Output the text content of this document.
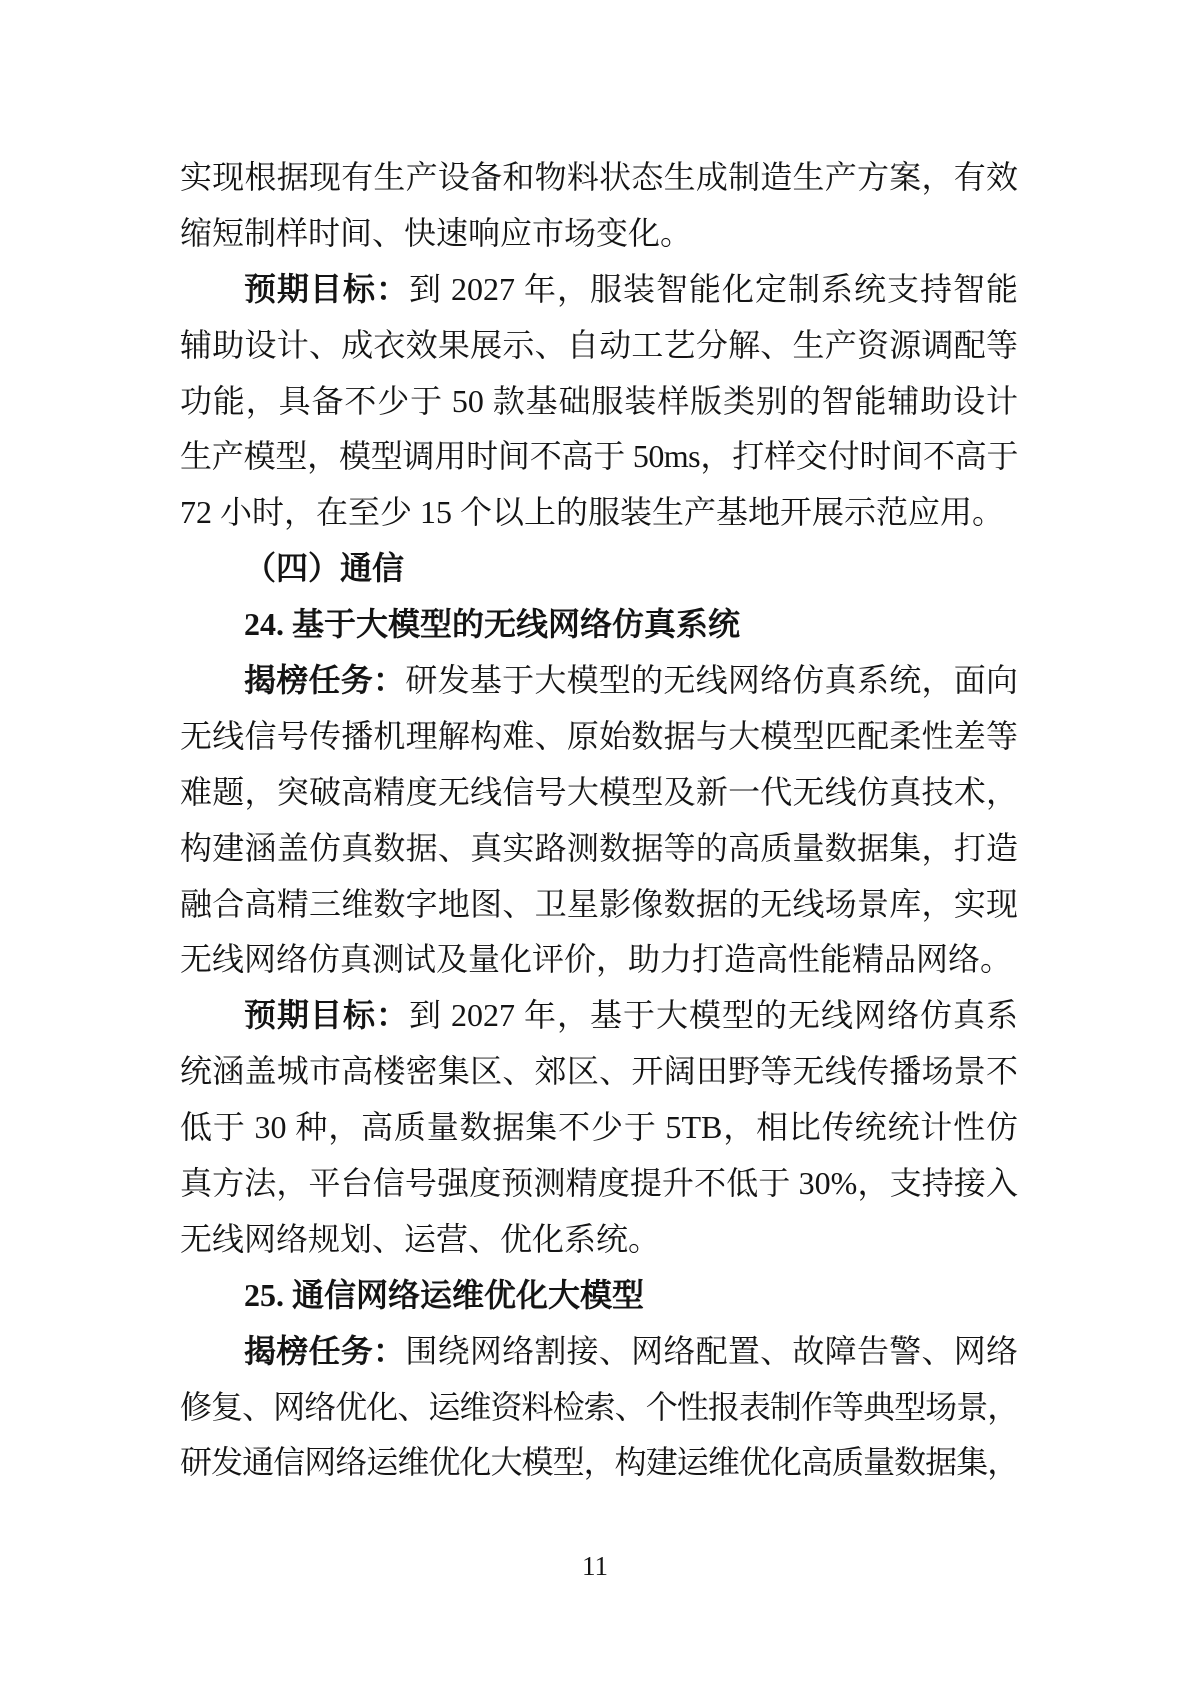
实现根据现有生产设备和物料状态生成制造生产方案，有效
缩短制样时间、快速响应市场变化。
预期目标：到 2027 年，服装智能化定制系统支持智能
辅助设计、成衣效果展示、自动工艺分解、生产资源调配等
功能，具备不少于 50 款基础服装样版类别的智能辅助设计
生产模型，模型调用时间不高于 50ms，打样交付时间不高于
72 小时，在至少 15 个以上的服装生产基地开展示范应用。
（四）通信
24. 基于大模型的无线网络仿真系统
揭榜任务：研发基于大模型的无线网络仿真系统，面向
无线信号传播机理解构难、原始数据与大模型匹配柔性差等
难题，突破高精度无线信号大模型及新一代无线仿真技术，
构建涵盖仿真数据、真实路测数据等的高质量数据集，打造
融合高精三维数字地图、卫星影像数据的无线场景库，实现
无线网络仿真测试及量化评价，助力打造高性能精品网络。
预期目标：到 2027 年，基于大模型的无线网络仿真系
统涵盖城市高楼密集区、郊区、开阔田野等无线传播场景不
低于 30 种，高质量数据集不少于 5TB，相比传统统计性仿
真方法，平台信号强度预测精度提升不低于 30%，支持接入
无线网络规划、运营、优化系统。
25. 通信网络运维优化大模型
揭榜任务：围绕网络割接、网络配置、故障告警、网络
修复、网络优化、运维资料检索、个性报表制作等典型场景，
研发通信网络运维优化大模型，构建运维优化高质量数据集，
11
